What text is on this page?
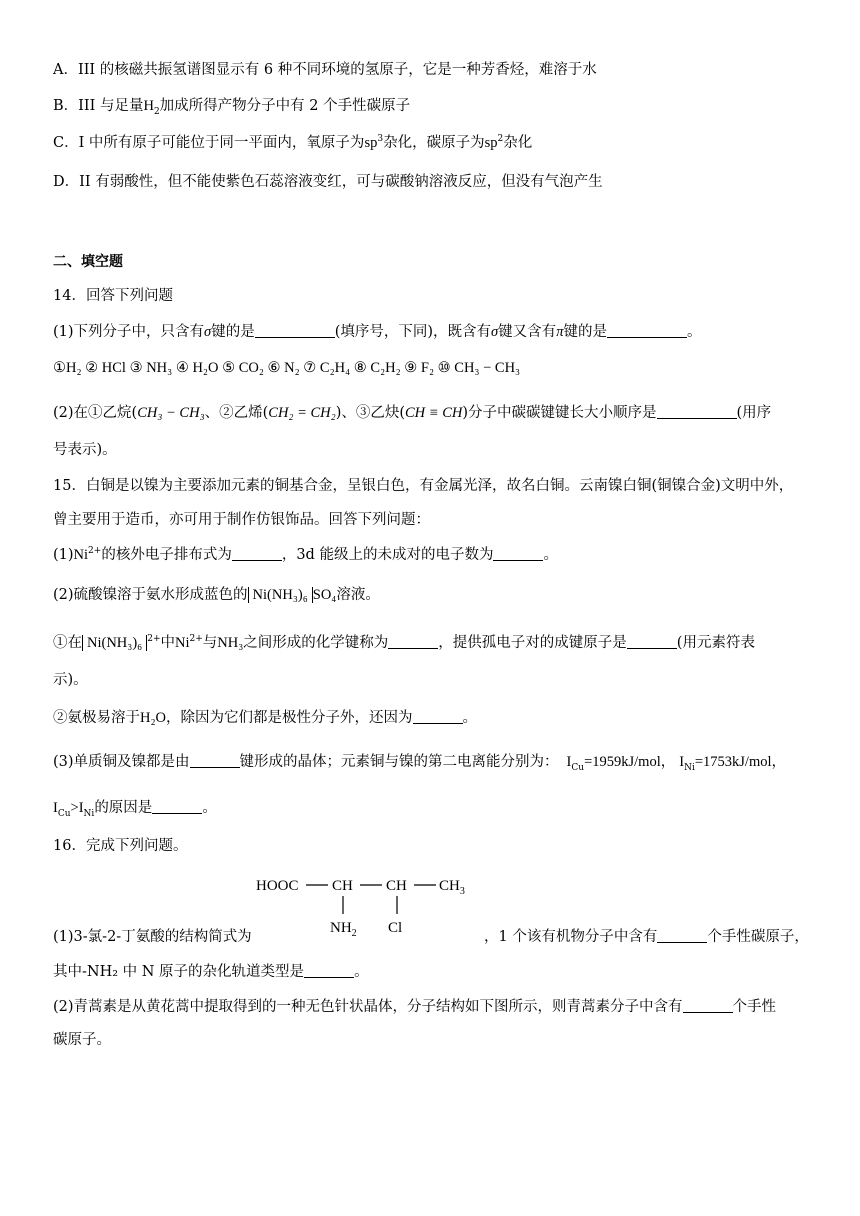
A．III 的核磁共振氢谱图显示有 6 种不同环境的氢原子，它是一种芳香烃，难溶于水
B．III 与足量$H_2$加成所得产物分子中有 2 个手性碳原子
C．I 中所有原子可能位于同一平面内，氧原子为$sp^3$杂化，碳原子为$sp^2$杂化
D．II 有弱酸性，但不能使紫色石蕊溶液变红，可与碳酸钠溶液反应，但没有气泡产生
二、填空题
14．回答下列问题
(1)下列分子中，只含有σ键的是	(填序号，下同)，既含有σ键又含有π键的是	。
①H₂ ② HCl ③ NH₃ ④ H₂O ⑤ CO₂ ⑥ N₂ ⑦ C₂H₄ ⑧ C₂H₂ ⑨ F₂ ⑩ CH₃ − CH₃
(2)在①乙烷(CH₃ − CH₃、②乙烯(CH₂ = CH₂)、③乙炔(CH ≡ CH)分子中碳碳键键长大小顺序是	(用序
号表示)。
15．白铜是以镍为主要添加元素的铜基合金，呈银白色，有金属光泽，故名白铜。云南镍白铜(铜镍合金)文明中外，
曾主要用于造币，亦可用于制作仿银饰品。回答下列问题：
$(1)Ni^{2+}$的核外电子排布式为	，3d 能级上的未成对的电子数为	。
(2)硫酸镍溶于氨水形成蓝色的 Ni(NH₃)₆ SO₄溶液。
①在 Ni(NH₃)₆ $^{2+}$中$Ni^{2+}$与NH₃之间形成的化学键称为	，提供孤电子对的成键原子是	(用元素符表
示)。
②氨极易溶于H₂O，除因为它们都是极性分子外，还因为	。
(3)单质铜及镍都是由	键形成的晶体；元素铜与镍的第二电离能分别为： $I_{Cu}=1959kJ$/mol， $I_{Ni}=1753kJ$/mol，
$I_{Cu}>I_{Ni}$的原因是	。
16．完成下列问题。
HOOC CH CH $CH_3$
$NH_2$ Cl
(1)3-氯-2-丁氨酸的结构简式为	，1 个该有机物分子中含有	个手性碳原子，
其中-NH₂ 中 N 原子的杂化轨道类型是	。
(2)青蒿素是从黄花蒿中提取得到的一种无色针状晶体，分子结构如下图所示，则青蒿素分子中含有	个手性
碳原子。
